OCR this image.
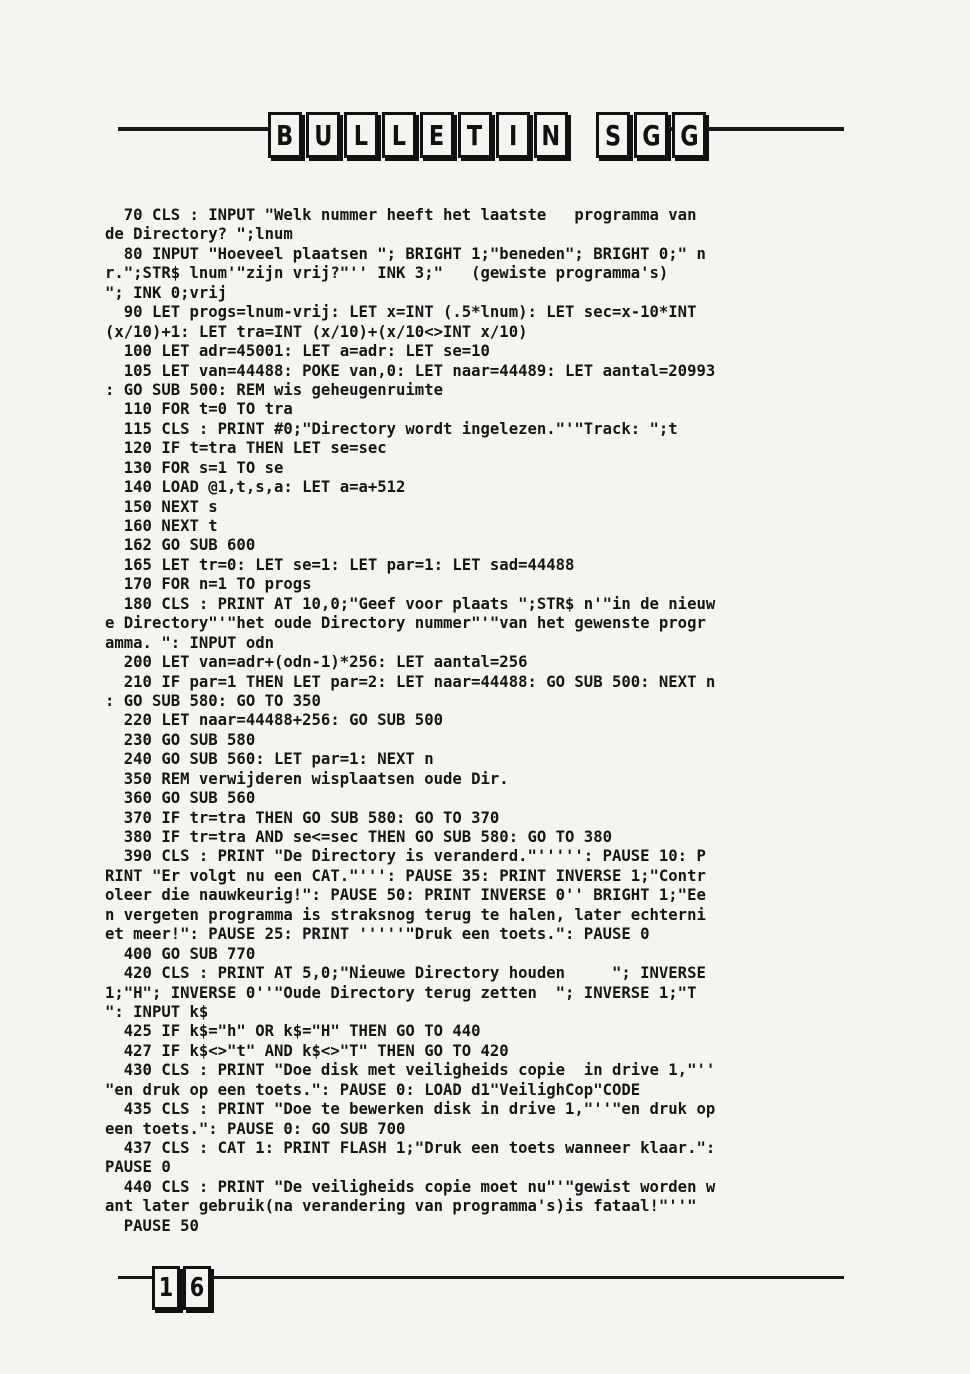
B U L L E T I N S G G
70 CLS : INPUT "Welk nummer heeft het laatste   programma van
de Directory? ";lnum
80 INPUT "Hoeveel plaatsen "; BRIGHT 1;"beneden"; BRIGHT 0;" n
r.";STR$ lnum'"zijn vrij?"'' INK 3;"   (gewiste programma's)
"; INK 0;vrij
90 LET progs=lnum-vrij: LET x=INT (.5*lnum): LET sec=x-10*INT
(x/10)+1: LET tra=INT (x/10)+(x/10<>INT x/10)
100 LET adr=45001: LET a=adr: LET se=10
105 LET van=44488: POKE van,0: LET naar=44489: LET aantal=20993
: GO SUB 500: REM wis geheugenruimte
110 FOR t=0 TO tra
115 CLS : PRINT #0;"Directory wordt ingelezen."'"Track: ";t
120 IF t=tra THEN LET se=sec
130 FOR s=1 TO se
140 LOAD @1,t,s,a: LET a=a+512
150 NEXT s
160 NEXT t
162 GO SUB 600
165 LET tr=0: LET se=1: LET par=1: LET sad=44488
170 FOR n=1 TO progs
180 CLS : PRINT AT 10,0;"Geef voor plaats ";STR$ n'"in de nieuw
e Directory"'"het oude Directory nummer"'"van het gewenste progr
amma. ": INPUT odn
200 LET van=adr+(odn-1)*256: LET aantal=256
210 IF par=1 THEN LET par=2: LET naar=44488: GO SUB 500: NEXT n
: GO SUB 580: GO TO 350
220 LET naar=44488+256: GO SUB 500
230 GO SUB 580
240 GO SUB 560: LET par=1: NEXT n
350 REM verwijderen wisplaatsen oude Dir.
360 GO SUB 560
370 IF tr=tra THEN GO SUB 580: GO TO 370
380 IF tr=tra AND se<=sec THEN GO SUB 580: GO TO 380
390 CLS : PRINT "De Directory is veranderd."''''': PAUSE 10: P
RINT "Er volgt nu een CAT."''': PAUSE 35: PRINT INVERSE 1;"Contr
oleer die nauwkeurig!": PAUSE 50: PRINT INVERSE 0'' BRIGHT 1;"Ee
n vergeten programma is straksnog terug te halen, later echterni
et meer!": PAUSE 25: PRINT '''''"Druk een toets.": PAUSE 0
400 GO SUB 770
420 CLS : PRINT AT 5,0;"Nieuwe Directory houden     "; INVERSE
1;"H"; INVERSE 0''"Oude Directory terug zetten  "; INVERSE 1;"T
": INPUT k$
425 IF k$="h" OR k$="H" THEN GO TO 440
427 IF k$<>"t" AND k$<>"T" THEN GO TO 420
430 CLS : PRINT "Doe disk met veiligheids copie  in drive 1,"''
"en druk op een toets.": PAUSE 0: LOAD d1"VeilighCop"CODE
435 CLS : PRINT "Doe te bewerken disk in drive 1,"''"en druk op
een toets.": PAUSE 0: GO SUB 700
437 CLS : CAT 1: PRINT FLASH 1;"Druk een toets wanneer klaar.":
PAUSE 0
440 CLS : PRINT "De veiligheids copie moet nu"'"gewist worden w
ant later gebruik(na verandering van programma's)is fataal!"''"
PAUSE 50
1 6
